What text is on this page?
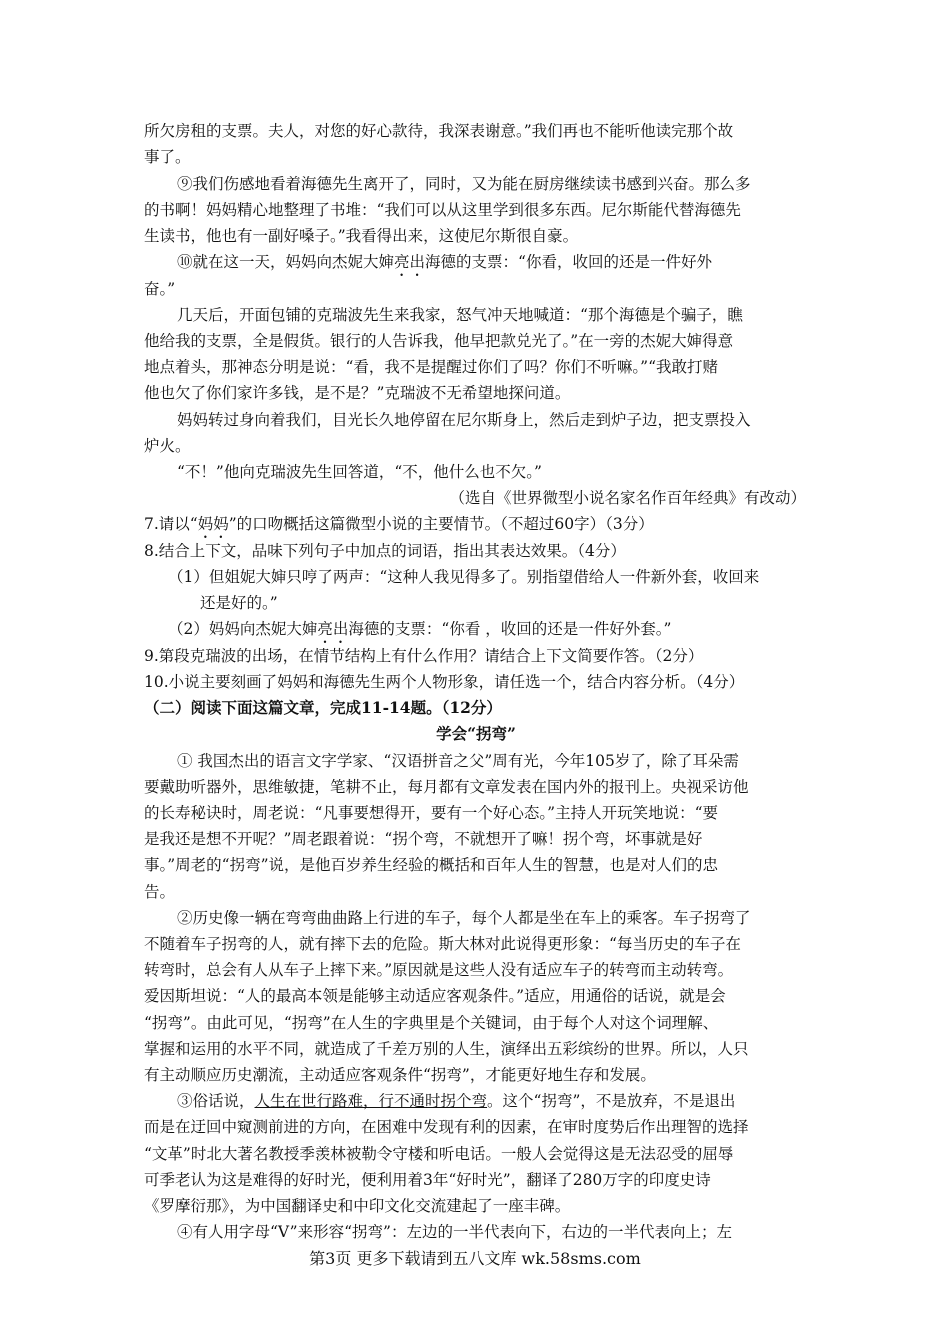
所欠房租的支票。夫人，对您的好心款待，我深表谢意。”我们再也不能听他读完那个故
事了。
⑨我们伤感地看着海德先生离开了，同时，又为能在厨房继续读书感到兴奋。那么多
的书啊！妈妈精心地整理了书堆：“我们可以从这里学到很多东西。尼尔斯能代替海德先
生读书，他也有一副好嗓子。”我看得出来，这使尼尔斯很自豪。
⑩就在这一天，妈妈向杰妮大婶亮出海德的支票：“你看，收回的还是一件好外
奋。”
几天后，开面包铺的克瑞波先生来我家，怒气冲天地喊道：“那个海德是个骗子，瞧
他给我的支票，全是假货。银行的人告诉我，他早把款兑光了。”在一旁的杰妮大婶得意
地点着头，那神态分明是说：“看，我不是提醒过你们了吗？你们不听嘛。”“我敢打赌
他也欠了你们家许多钱，是不是？”克瑞波不无希望地探问道。
妈妈转过身向着我们，目光长久地停留在尼尔斯身上，然后走到炉子边，把支票投入
炉火。
“不！”他向克瑞波先生回答道，“不，他什么也不欠。”
（选自《世界微型小说名家名作百年经典》有改动）
7.请以“妈妈”的口吻概括这篇微型小说的主要情节。（不超过60字）（3分）
8.结合上下文，品味下列句子中加点的词语，指出其表达效果。（4分）
（1）但姐妮大婶只哼了两声：“这种人我见得多了。别指望借给人一件新外套，收回来
还是好的。”
（2）妈妈向杰妮大婶亮出海德的支票：“你看 ，收回的还是一件好外套。”
9.第段克瑞波的出场，在情节结构上有什么作用？请结合上下文简要作答。（2分）
10.小说主要刻画了妈妈和海德先生两个人物形象，请任选一个，结合内容分析。（4分）
（二）阅读下面这篇文章，完成11-14题。（12分）
学会“拐弯”
① 我国杰出的语言文字学家、“汉语拼音之父”周有光，今年105岁了，除了耳朵需
要戴助听器外，思维敏捷，笔耕不止，每月都有文章发表在国内外的报刊上。央视采访他
的长寿秘诀时，周老说：“凡事要想得开，要有一个好心态。”主持人开玩笑地说：“要
是我还是想不开呢？”周老跟着说：“拐个弯，不就想开了嘛！拐个弯，坏事就是好
事。”周老的“拐弯”说，是他百岁养生经验的概括和百年人生的智慧，也是对人们的忠
告。
②历史像一辆在弯弯曲曲路上行进的车子，每个人都是坐在车上的乘客。车子拐弯了
不随着车子拐弯的人，就有摔下去的危险。斯大林对此说得更形象：“每当历史的车子在
转弯时，总会有人从车子上摔下来。”原因就是这些人没有适应车子的转弯而主动转弯。
爱因斯坦说：“人的最高本领是能够主动适应客观条件。”适应，用通俗的话说，就是会
“拐弯”。由此可见，“拐弯”在人生的字典里是个关键词，由于每个人对这个词理解、
掌握和运用的水平不同，就造成了千差万别的人生，演绎出五彩缤纷的世界。所以，人只
有主动顺应历史潮流，主动适应客观条件“拐弯”，才能更好地生存和发展。
③俗话说，人生在世行路难，行不通时拐个弯。这个“拐弯”，不是放弃，不是退出
而是在迂回中窥测前进的方向，在困难中发现有利的因素，在审时度势后作出理智的选择
“文革”时北大著名教授季羡林被勒令守楼和听电话。一般人会觉得这是无法忍受的屈辱
可季老认为这是难得的好时光，便利用着3年“好时光”，翻译了280万字的印度史诗
《罗摩衍那》，为中国翻译史和中印文化交流建起了一座丰碑。
④有人用字母“V”来形容“拐弯”：左边的一半代表向下，右边的一半代表向上；左
第3页 更多下载请到五八文库 wk.58sms.com
